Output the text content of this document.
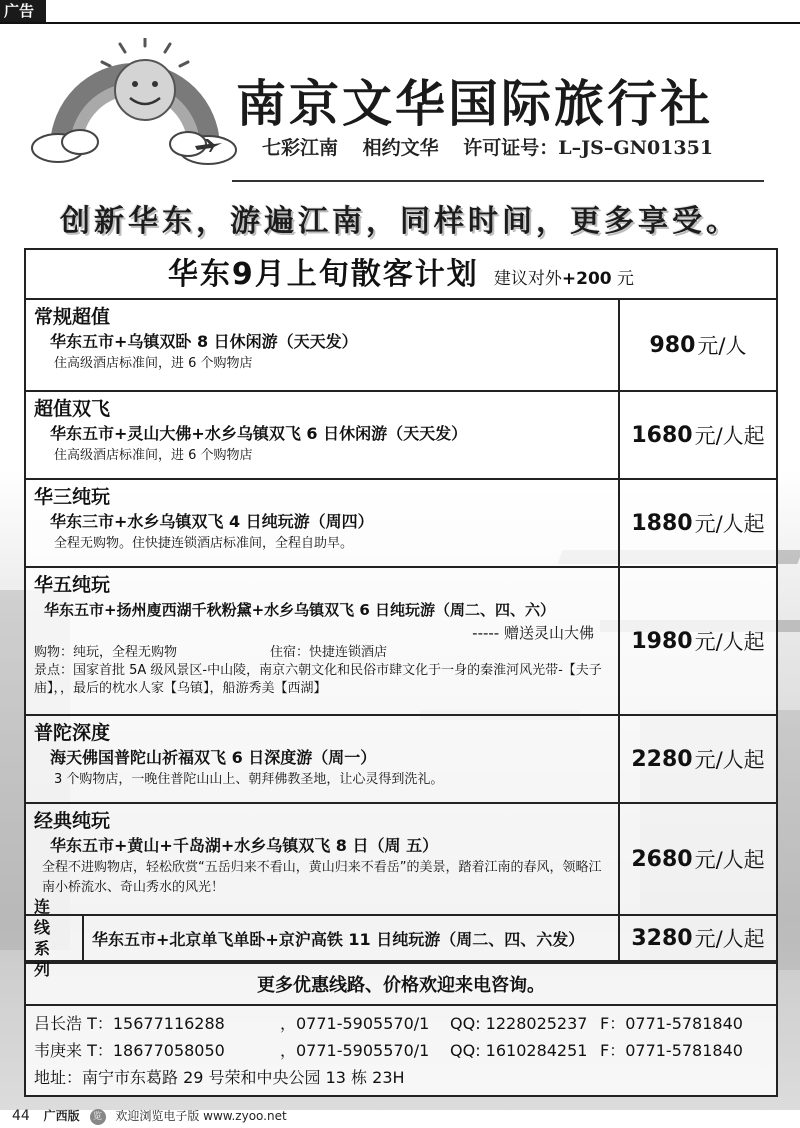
广告
南京文华国际旅行社
七彩江南 相约文华 许可证号：L–JS–GN01351
创新华东，游遍江南，同样时间，更多享受。
华东9月上旬散客计划 建议对外+200 元
常规超值
华东五市+乌镇双卧 8 日休闲游（天天发）
住高级酒店标准间，进 6 个购物店
980 元/人
超值双飞
华东五市+灵山大佛+水乡乌镇双飞 6 日休闲游（天天发）
住高级酒店标准间，进 6 个购物店
1680 元/人起
华三纯玩
华东三市+水乡乌镇双飞 4 日纯玩游（周四）
全程无购物。住快捷连锁酒店标准间，全程自助早。
1880 元/人起
华五纯玩
华东五市+扬州廋西湖千秋粉黛+水乡乌镇双飞 6 日纯玩游（周二、四、六）
----- 赠送灵山大佛
购物：纯玩，全程无购物	住宿：快捷连锁酒店
景点：国家首批 5A 级风景区-中山陵，南京六朝文化和民俗市肆文化于一身的秦淮河风光带-【夫子庙】，，最后的枕水人家【乌镇】，船游秀美【西湖】
1980 元/人起
普陀深度
海天佛国普陀山祈福双飞 6 日深度游（周一）
3 个购物店，一晚住普陀山山上、朝拜佛教圣地，让心灵得到洗礼。
2280 元/人起
经典纯玩
华东五市+黄山+千岛湖+水乡乌镇双飞 8 日（周 五）
全程不进购物店，轻松欣赏“五岳归来不看山，黄山归来不看岳”的美景，踏着江南的春风，领略江南小桥流水、奇山秀水的风光！
2680 元/人起
连 线
系 列
华东五市+北京单飞单卧+京沪高铁 11 日纯玩游（周二、四、六发）	3280 元/人起
更多优惠线路、价格欢迎来电咨询。
吕长浩 T：15677116288	，0771-5905570/1	QQ: 1228025237 F：0771-5781840
韦庚来 T：18677058050	，0771-5905570/1	QQ: 1610284251 F：0771-5781840
地址：南宁市东葛路 29 号荣和中央公园 13 栋 23H
44 广西版 览 欢迎浏览电子版 www.zyoo.net
